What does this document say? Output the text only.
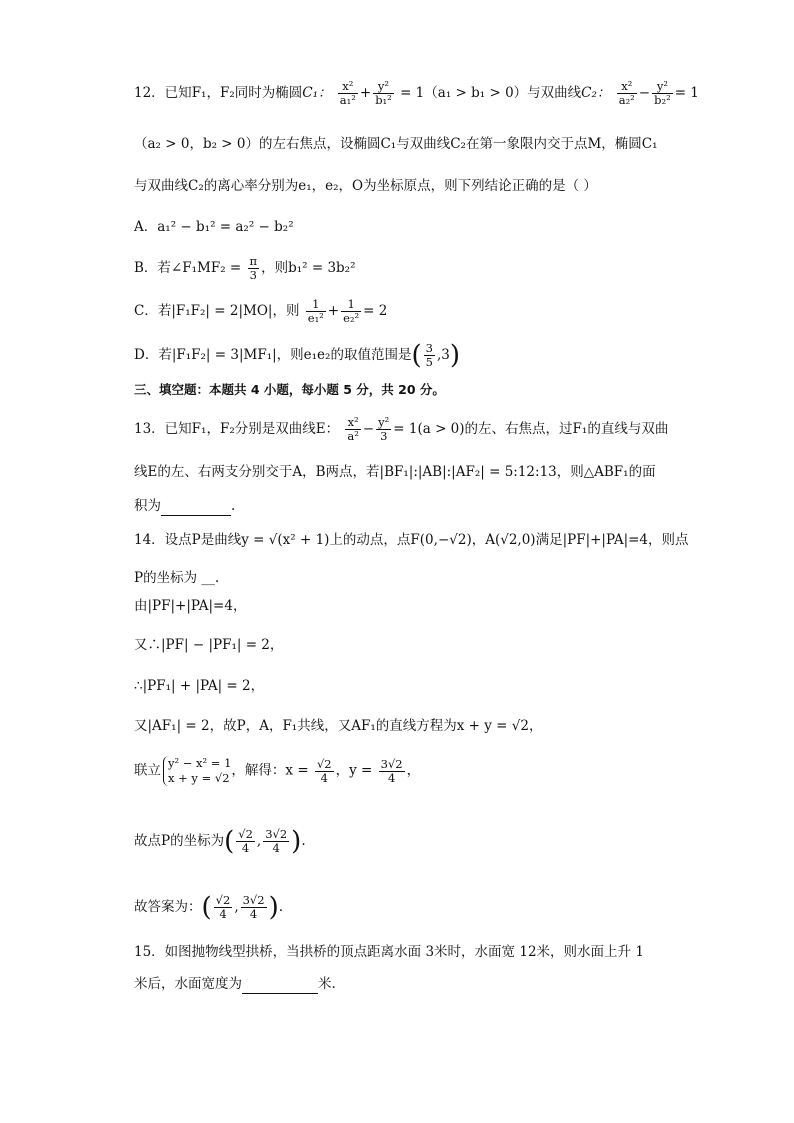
12．已知F₁，F₂同时为椭圆C₁： $\frac{\text{x²}}{\text{a₁²}} + \frac{\text{y²}}{\text{b₁²}} = 1(a_1 > b_1 > 0)$与双曲线C₂： $\frac{\text{x²}}{\text{a₂²}} - \frac{\text{y²}}{\text{b₂²}} = 1$
（a₂ > 0，b₂ > 0）的左右焦点，设椭圆C₁与双曲线C₂在第一象限内交于点M，椭圆C₁
与双曲线C₂的离心率分别为e₁，e₂，O为坐标原点，则下列结论正确的是（ ）
A．a₁² − b₁² = a₂² − b₂²
B．若∠F₁MF₂ = $\frac{\pi}{3}$ ，则b₁² = 3b₂²
C．若|F₁F₂| = 2|MO|，则 $\frac{1}{\text{e₁²}} + \frac{1}{\text{e₂²}} = 2$
D．若|F₁F₂| = 3|MF₁|，则e₁e₂的取值范围是( $\frac{3}{5} ,3$)
三、填空题：本题共 4 小题，每小题 5 分，共 20 分。
13．已知F₁，F₂分别是双曲线E： $\frac{\text{x²}}{\text{a²}} - \frac{\text{y²}}{3} = 1(a > 0)$的左、右焦点，过F₁的直线与双曲
线E的左、右两支分别交于A，B两点，若|BF₁|:|AB|:|AF₂| = 5:12:13，则△ABF₁的面
积为	.
14．设点P是曲线y = √(x² + 1)上的动点，点F(0,−√2)，A(√2,0)满足|PF|+|PA|=4，则点
P的坐标为 __.
由|PF|+|PA|=4，
又∴|PF| − |PF₁| = 2，
∴|PF₁| + |PA| = 2，
又|AF₁| = 2，故P，A，F₁共线，又AF₁的直线方程为x + y = √2，
联立 y² − x² = 1
x + y = √2 ，解得：$x = \frac{√2}{4}$ ，$y = \frac{3√2}{4}$ ，
故点P的坐标为( $\frac{√2}{4}$ , $\frac{3√2}{4}$ ).
故答案为：( $\frac{√2}{4}$ , $\frac{3√2}{4}$ ).
15．如图抛物线型拱桥，当拱桥的顶点距离水面 3米时，水面宽 12米，则水面上升 1
米后，水面宽度为	米.
